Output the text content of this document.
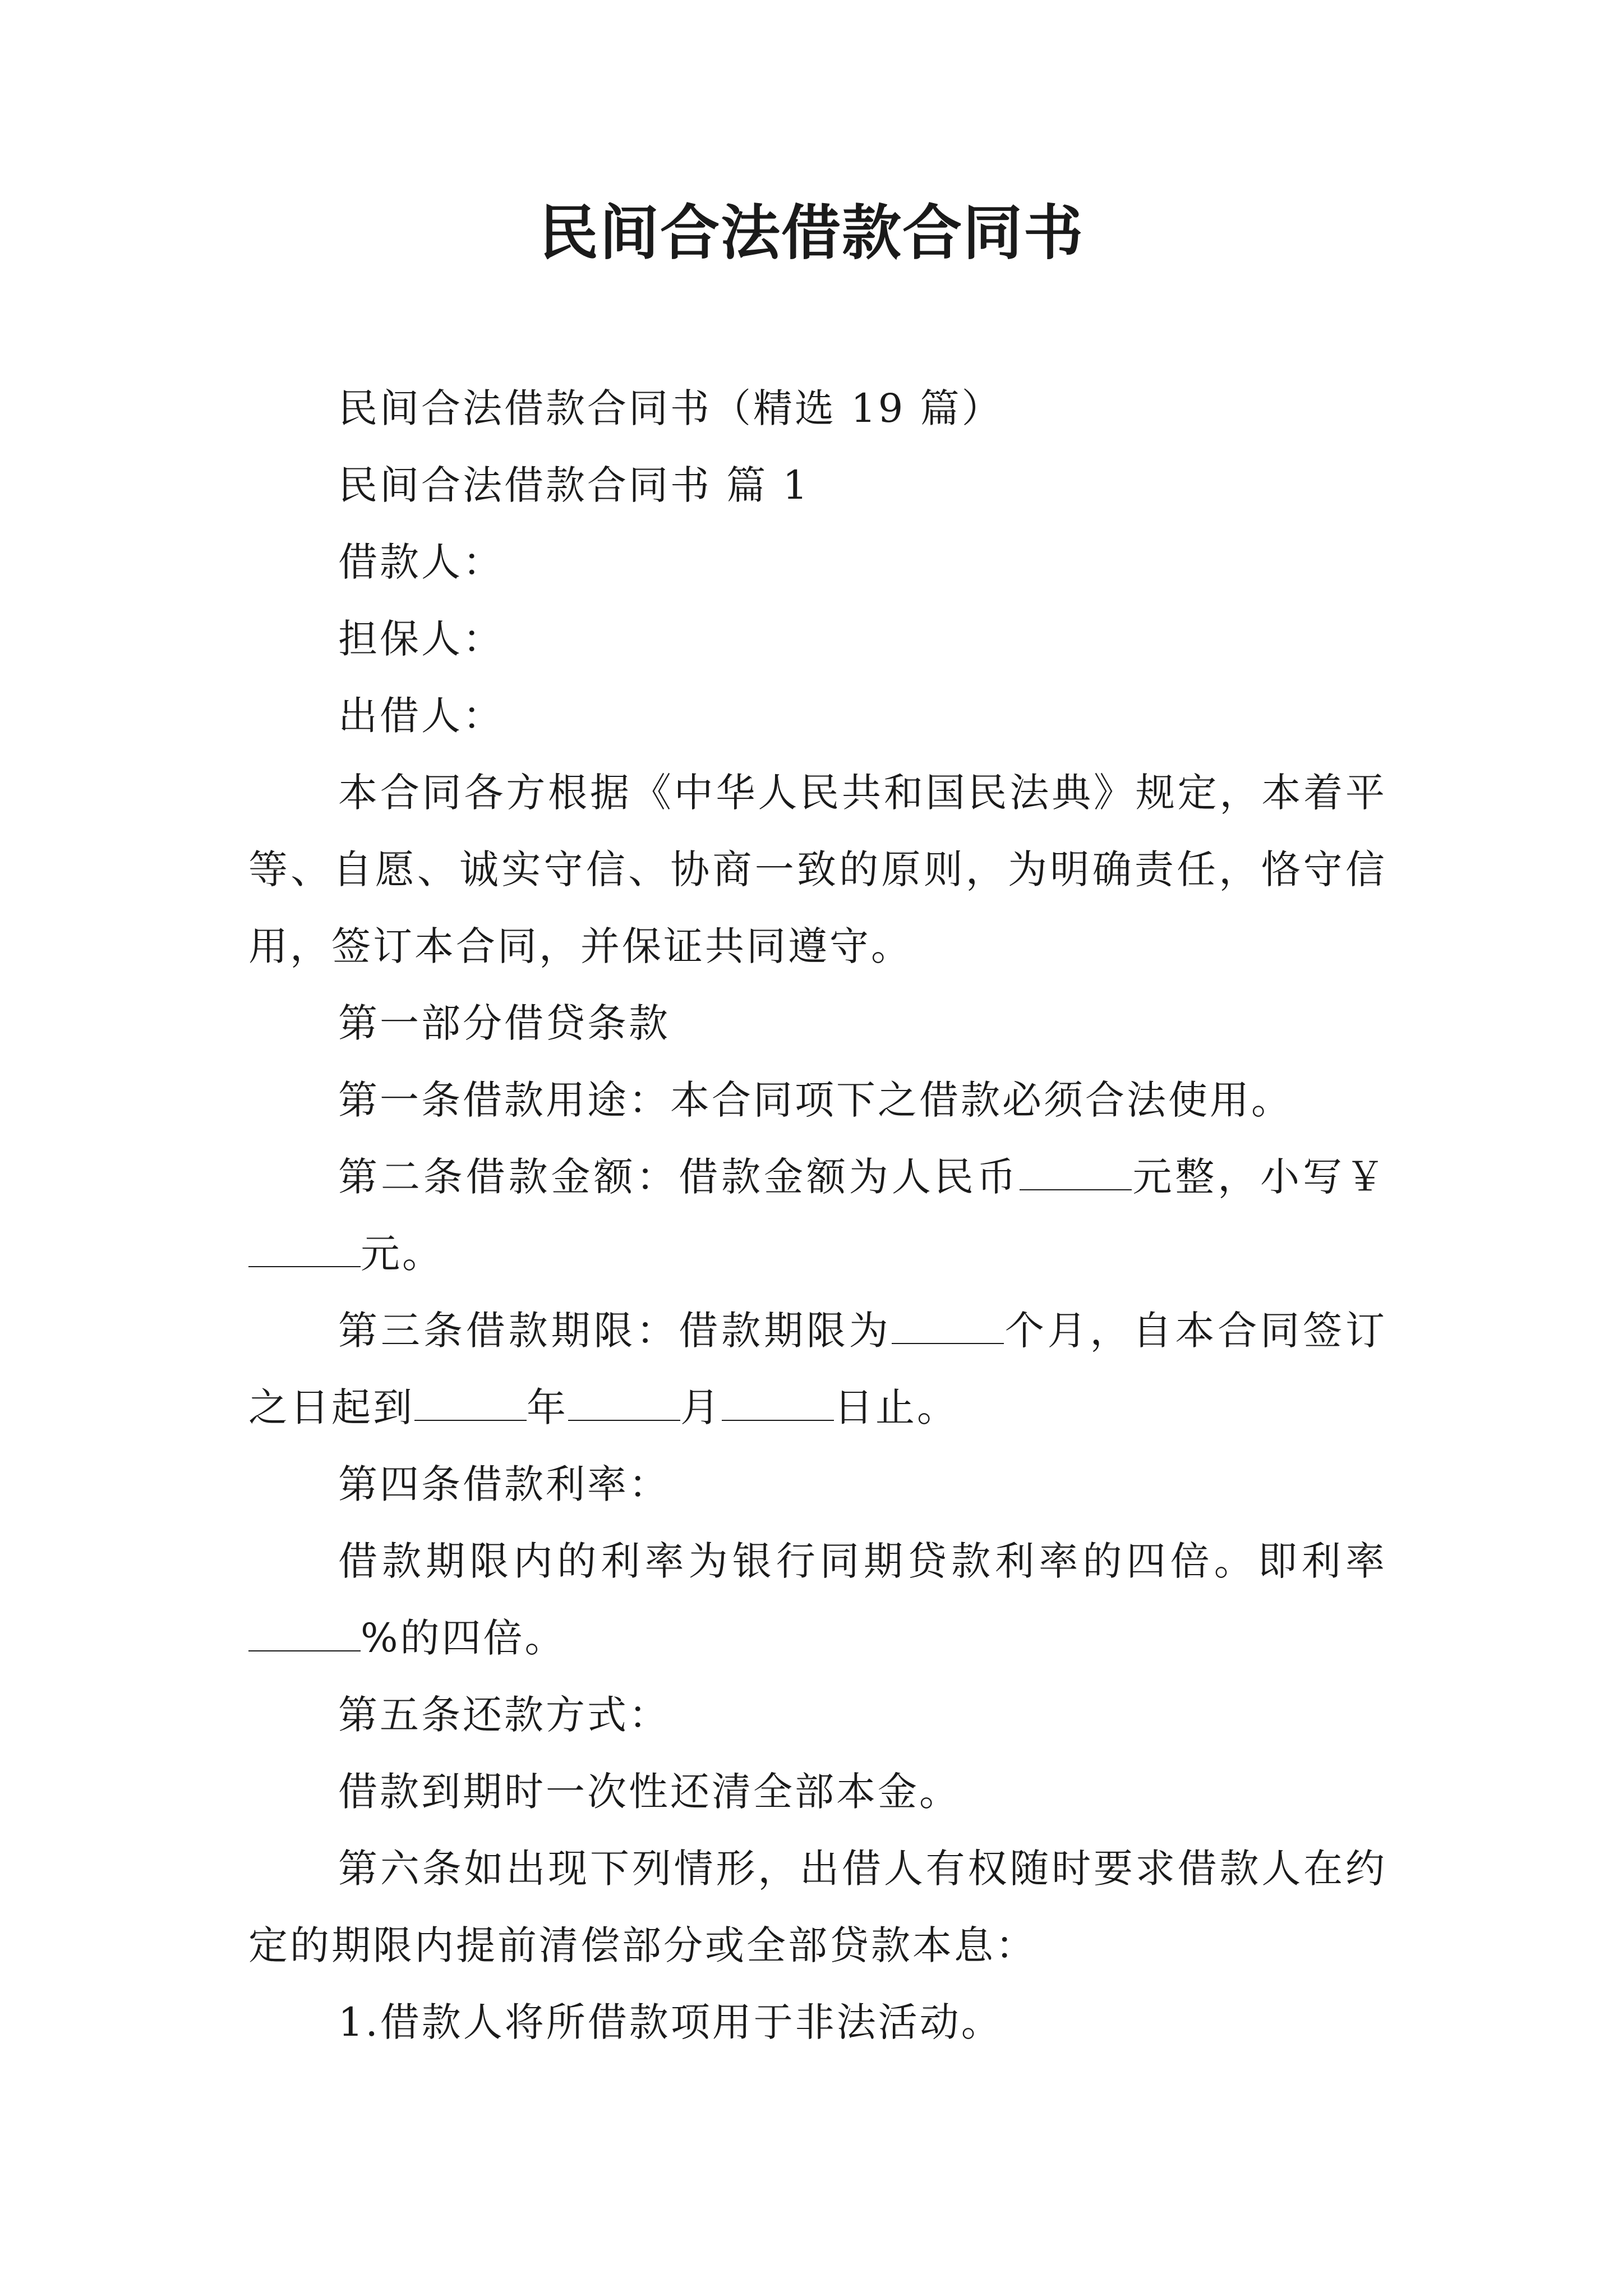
民间合法借款合同书

民间合法借款合同书（精选 19 篇）

民间合法借款合同书 篇 1

借款人：

担保人：

出借人：

本合同各方根据《中华人民共和国民法典》规定，本着平等、自愿、诚实守信、协商一致的原则，为明确责任，恪守信用，签订本合同，并保证共同遵守。

第一部分借贷条款

第一条借款用途：本合同项下之借款必须合法使用。

第二条借款金额：借款金额为人民币	元整，小写￥元。

第三条借款期限：借款期限为	个月，自本合同签订之日起到	年	月	日止。

第四条借款利率：

借款期限内的利率为银行同期贷款利率的四倍。即利率%的四倍。

第五条还款方式：

借款到期时一次性还清全部本金。

第六条如出现下列情形，出借人有权随时要求借款人在约定的期限内提前清偿部分或全部贷款本息：

1.借款人将所借款项用于非法活动。
